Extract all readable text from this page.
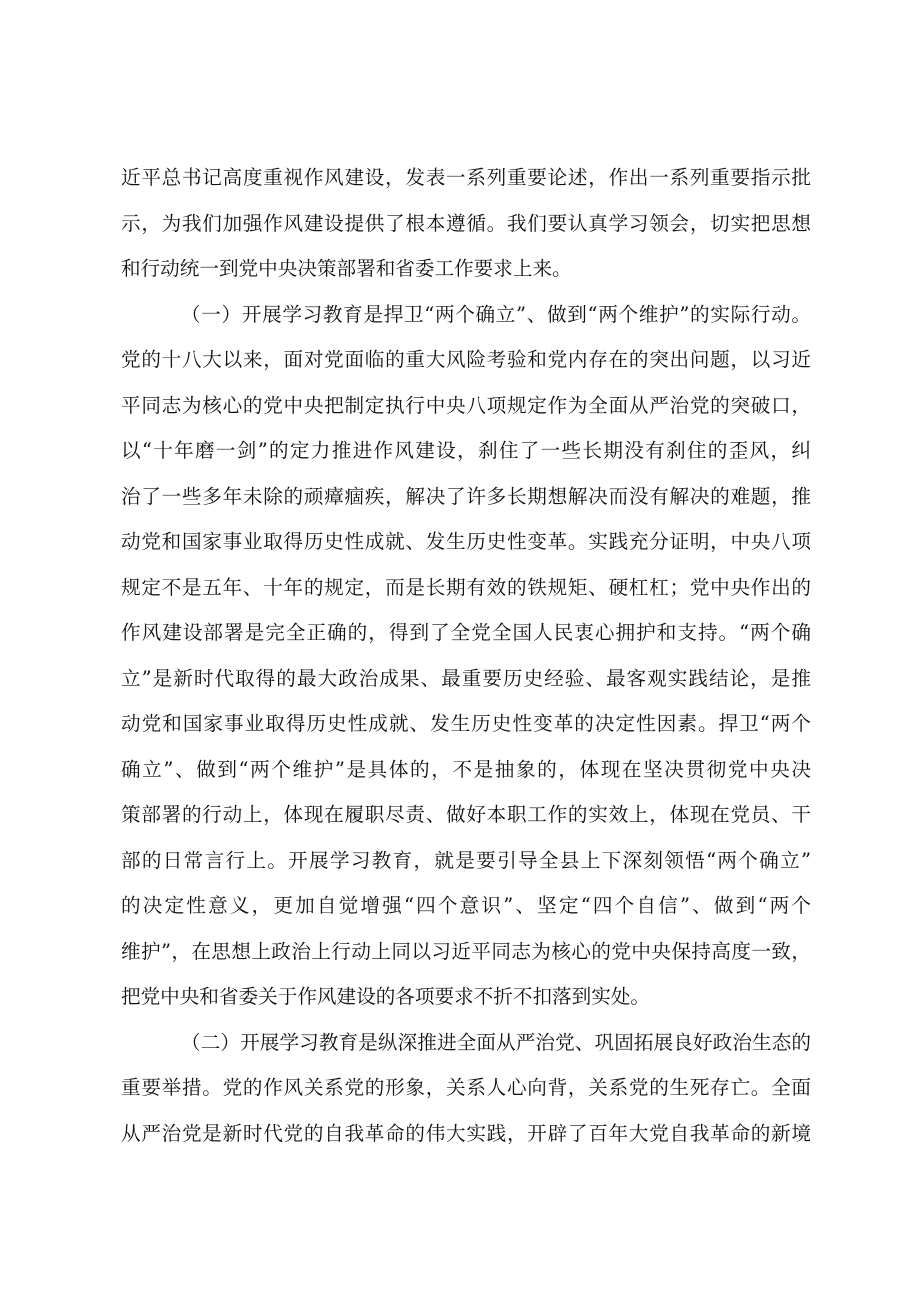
近平总书记高度重视作风建设，发表一系列重要论述，作出一系列重要指示批
示，为我们加强作风建设提供了根本遵循。我们要认真学习领会，切实把思想
和行动统一到党中央决策部署和省委工作要求上来。
（一）开展学习教育是捍卫“两个确立”、做到“两个维护”的实际行动。
党的十八大以来，面对党面临的重大风险考验和党内存在的突出问题，以习近
平同志为核心的党中央把制定执行中央八项规定作为全面从严治党的突破口，
以“十年磨一剑”的定力推进作风建设，刹住了一些长期没有刹住的歪风，纠
治了一些多年未除的顽瘴痼疾，解决了许多长期想解决而没有解决的难题，推
动党和国家事业取得历史性成就、发生历史性变革。实践充分证明，中央八项
规定不是五年、十年的规定，而是长期有效的铁规矩、硬杠杠；党中央作出的
作风建设部署是完全正确的，得到了全党全国人民衷心拥护和支持。“两个确
立”是新时代取得的最大政治成果、最重要历史经验、最客观实践结论，是推
动党和国家事业取得历史性成就、发生历史性变革的决定性因素。捍卫“两个
确立”、做到“两个维护”是具体的，不是抽象的，体现在坚决贯彻党中央决
策部署的行动上，体现在履职尽责、做好本职工作的实效上，体现在党员、干
部的日常言行上。开展学习教育，就是要引导全县上下深刻领悟“两个确立”
的决定性意义，更加自觉增强“四个意识”、坚定“四个自信”、做到“两个
维护”，在思想上政治上行动上同以习近平同志为核心的党中央保持高度一致，
把党中央和省委关于作风建设的各项要求不折不扣落到实处。
（二）开展学习教育是纵深推进全面从严治党、巩固拓展良好政治生态的
重要举措。党的作风关系党的形象，关系人心向背，关系党的生死存亡。全面
从严治党是新时代党的自我革命的伟大实践，开辟了百年大党自我革命的新境
